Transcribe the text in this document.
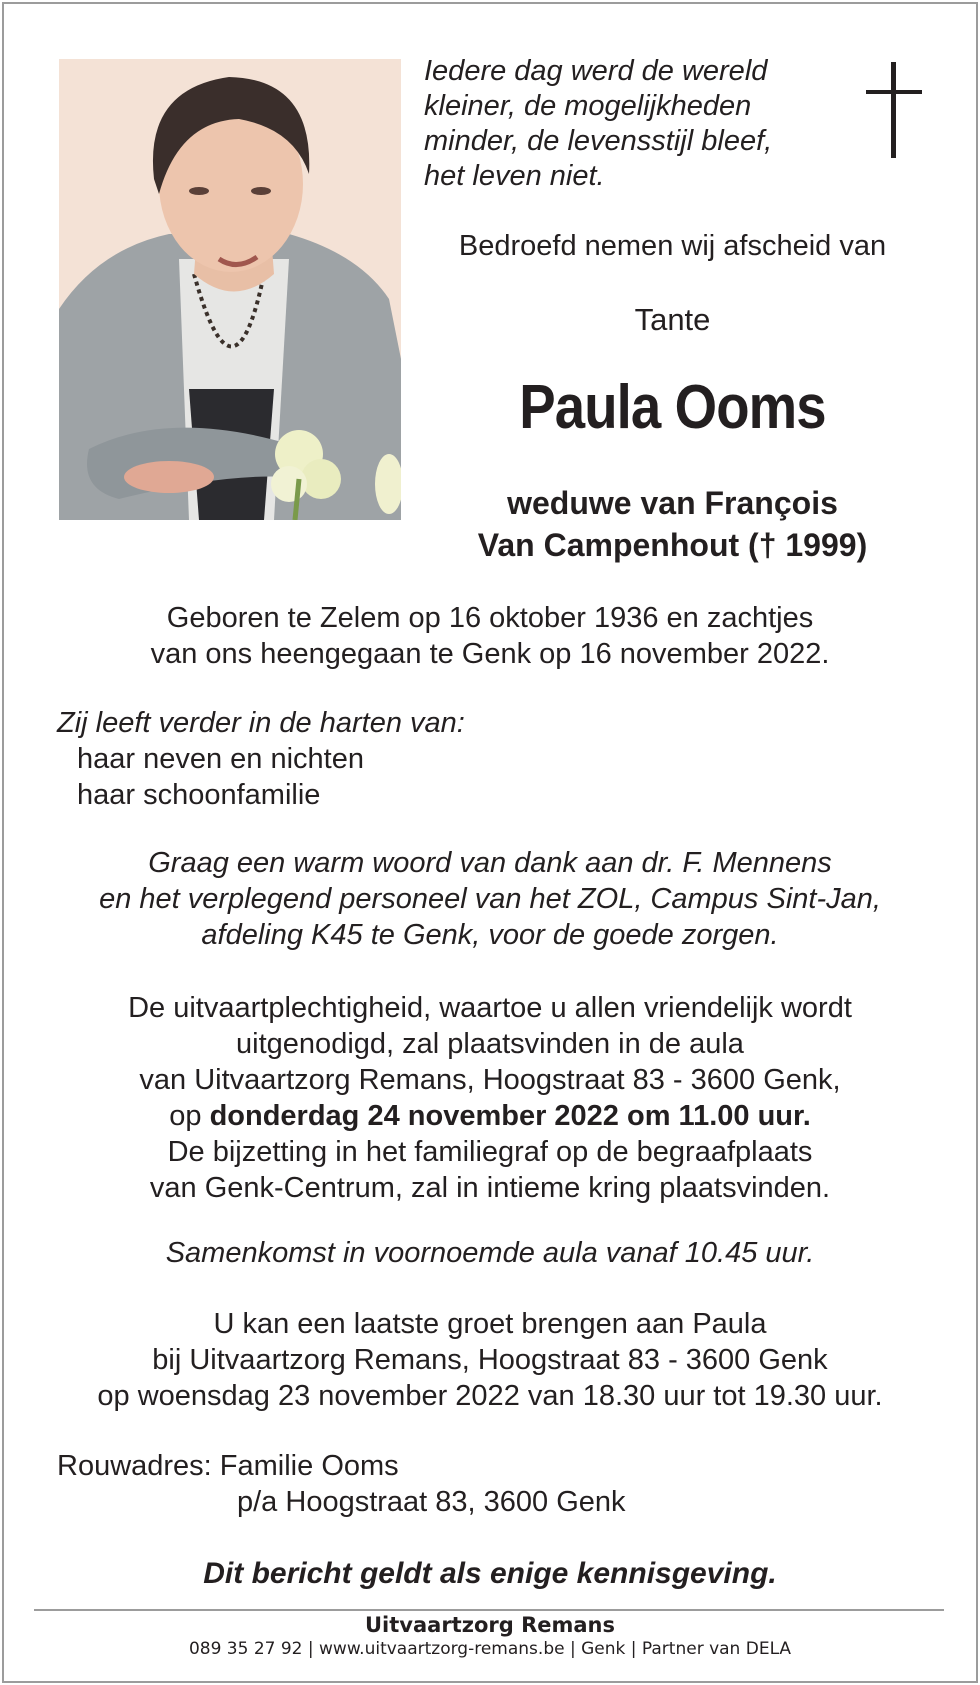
Iedere dag werd de wereld
kleiner, de mogelijkheden
minder, de levensstijl bleef,
het leven niet.
Bedroefd nemen wij afscheid van
Tante
Paula Ooms
weduwe van François
Van Campenhout († 1999)
Geboren te Zelem op 16 oktober 1936 en zachtjes
van ons heengegaan te Genk op 16 november 2022.
Zij leeft verder in de harten van:
haar neven en nichten
haar schoonfamilie
Graag een warm woord van dank aan dr. F. Mennens
en het verplegend personeel van het ZOL, Campus Sint-Jan,
afdeling K45 te Genk, voor de goede zorgen.
De uitvaartplechtigheid, waartoe u allen vriendelijk wordt
uitgenodigd, zal plaatsvinden in de aula
van Uitvaartzorg Remans, Hoogstraat 83 - 3600 Genk,
op donderdag 24 november 2022 om 11.00 uur.
De bijzetting in het familiegraf op de begraafplaats
van Genk-Centrum, zal in intieme kring plaatsvinden.
Samenkomst in voornoemde aula vanaf 10.45 uur.
U kan een laatste groet brengen aan Paula
bij Uitvaartzorg Remans, Hoogstraat 83 - 3600 Genk
op woensdag 23 november 2022 van 18.30 uur tot 19.30 uur.
Rouwadres: Familie Ooms
p/a Hoogstraat 83, 3600 Genk
Dit bericht geldt als enige kennisgeving.
Uitvaartzorg Remans
089 35 27 92 | www.uitvaartzorg-remans.be | Genk | Partner van DELA
